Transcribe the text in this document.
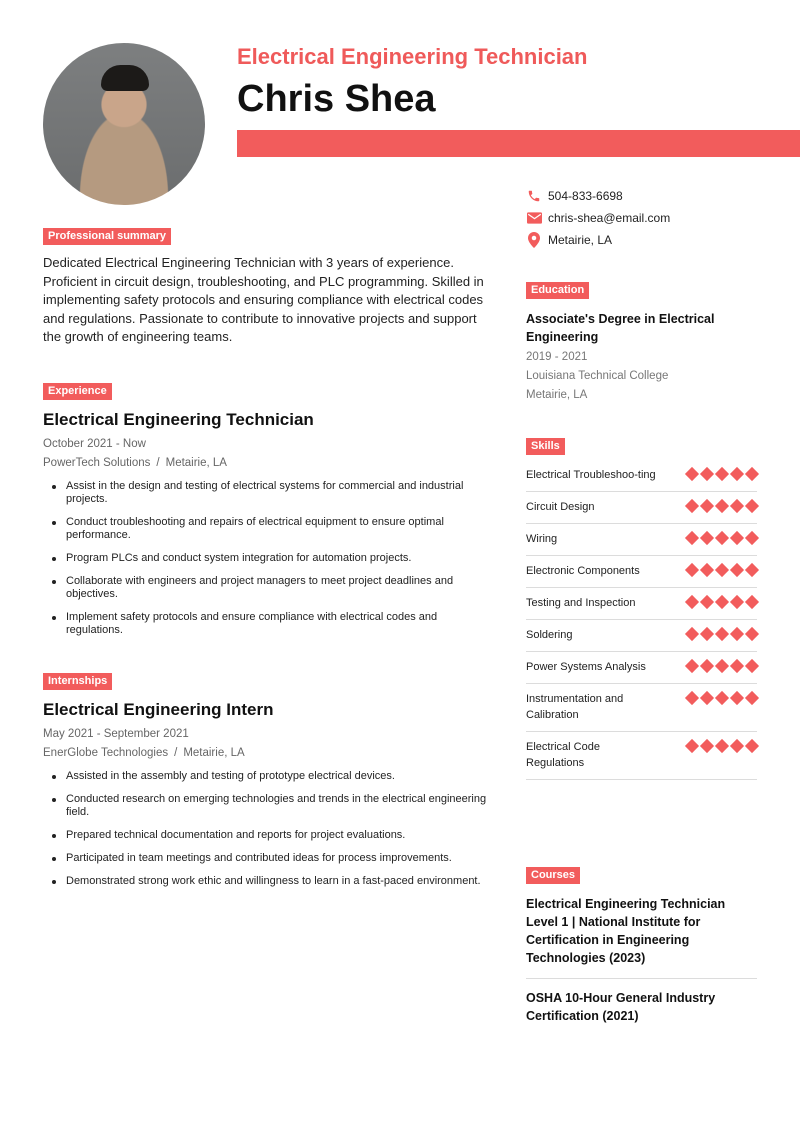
Electrical Engineering Technician
Chris Shea
504-833-6698
chris-shea@email.com
Metairie, LA
Professional summary

Dedicated Electrical Engineering Technician with 3 years of experience. Proficient in circuit design, troubleshooting, and PLC programming. Skilled in implementing safety protocols and ensuring compliance with electrical codes and regulations. Passionate to contribute to innovative projects and support the growth of engineering teams.

Experience
Electrical Engineering Technician
October 2021 - Now
PowerTech Solutions / Metairie, LA
Assist in the design and testing of electrical systems for commercial and industrial projects.
Conduct troubleshooting and repairs of electrical equipment to ensure optimal performance.
Program PLCs and conduct system integration for automation projects.
Collaborate with engineers and project managers to meet project deadlines and objectives.
Implement safety protocols and ensure compliance with electrical codes and regulations.
Internships
Electrical Engineering Intern
May 2021 - September 2021
EnerGlobe Technologies / Metairie, LA
Assisted in the assembly and testing of prototype electrical devices.
Conducted research on emerging technologies and trends in the electrical engineering field.
Prepared technical documentation and reports for project evaluations.
Participated in team meetings and contributed ideas for process improvements.
Demonstrated strong work ethic and willingness to learn in a fast-paced environment.
Education
Associate's Degree in Electrical Engineering
2019 - 2021
Louisiana Technical College
Metairie, LA
Skills
Electrical Troubleshoo-ting
Circuit Design
Wiring
Electronic Components
Testing and Inspection
Soldering
Power Systems Analysis
Instrumentation and Calibration
Electrical Code Regulations
Courses
Electrical Engineering Technician Level 1 | National Institute for Certification in Engineering Technologies (2023)
OSHA 10-Hour General Industry Certification (2021)
